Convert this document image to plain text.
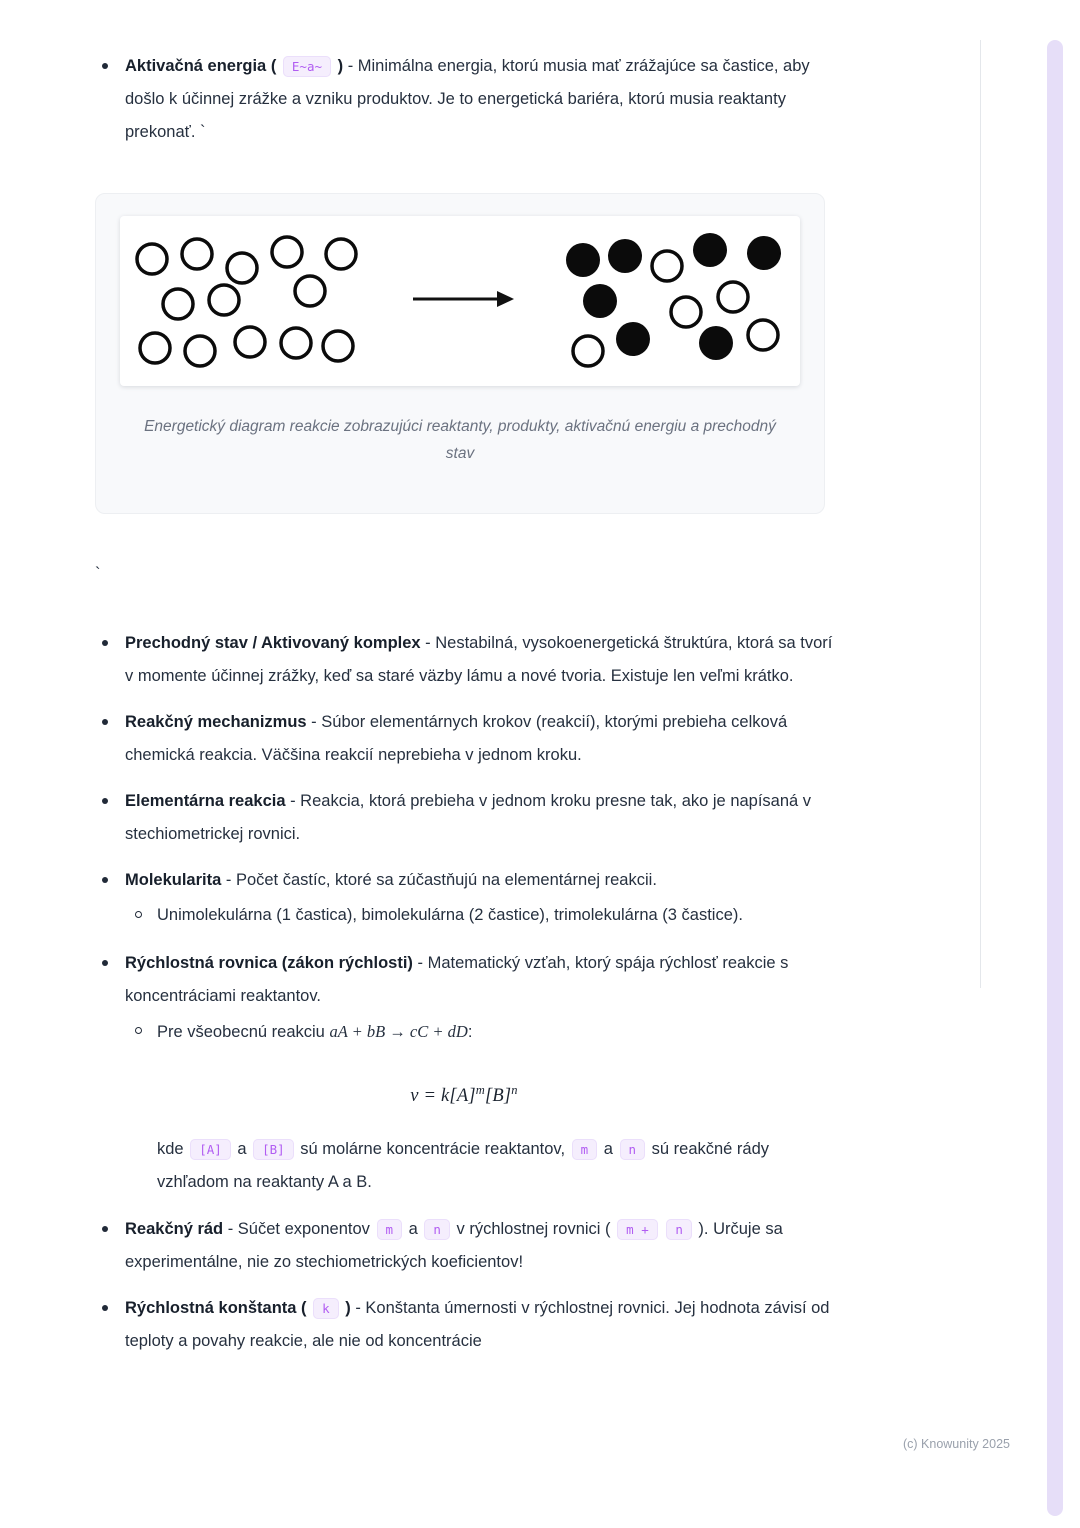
Aktivačná energia ( E~a~ ) - Minimálna energia, ktorú musia mať zrážajúce sa častice, aby došlo k účinnej zrážke a vzniku produktov. Je to energetická bariéra, ktorú musia reaktanty prekonať. `
Energetický diagram reakcie zobrazujúci reaktanty, produkty, aktivačnú energiu a prechodný stav
`
Prechodný stav / Aktivovaný komplex - Nestabilná, vysokoenergetická štruktúra, ktorá sa tvorí v momente účinnej zrážky, keď sa staré väzby lámu a nové tvoria. Existuje len veľmi krátko.
Reakčný mechanizmus - Súbor elementárnych krokov (reakcií), ktorými prebieha celková chemická reakcia. Väčšina reakcií neprebieha v jednom kroku.
Elementárna reakcia - Reakcia, ktorá prebieha v jednom kroku presne tak, ako je napísaná v stechiometrickej rovnici.
Molekularita - Počet častíc, ktoré sa zúčastňujú na elementárnej reakcii.
Unimolekulárna (1 častica), bimolekulárna (2 častice), trimolekulárna (3 častice).
Rýchlostná rovnica (zákon rýchlosti) - Matematický vzťah, ktorý spája rýchlosť reakcie s koncentráciami reaktantov.
Pre všeobecnú reakciu aA + bB → cC + dD:
$v = k[A]^m[B]^n$
kde [A] a [B] sú molárne koncentrácie reaktantov, m a n sú reakčné rády vzhľadom na reaktanty A a B.
Reakčný rád - Súčet exponentov m a n v rýchlostnej rovnici ( m + n ). Určuje sa experimentálne, nie zo stechiometrických koeficientov!
Rýchlostná konštanta ( k ) - Konštanta úmernosti v rýchlostnej rovnici. Jej hodnota závisí od teploty a povahy reakcie, ale nie od koncentrácie
(c) Knowunity 2025
